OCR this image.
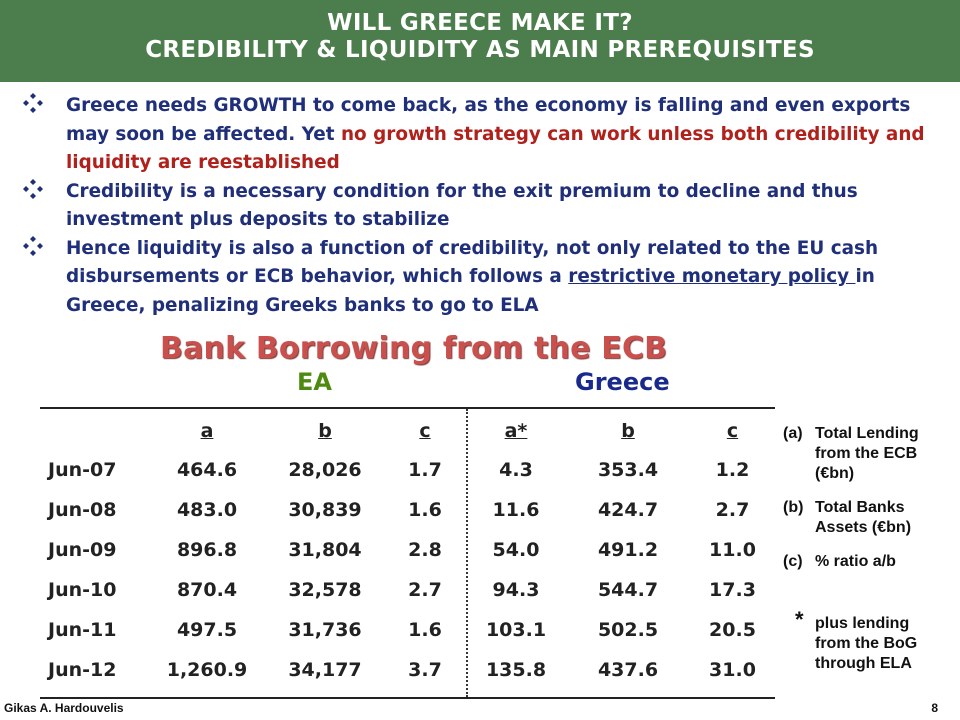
WILL GREECE MAKE IT?
CREDIBILITY & LIQUIDITY AS MAIN PREREQUISITES
Greece needs GROWTH to come back, as the economy is falling and even exports may soon be affected. Yet no growth strategy can work unless both credibility and liquidity are reestablished
Credibility is a necessary condition for the exit premium to decline and thus investment plus deposits to stabilize
Hence liquidity is also a function of credibility, not only related to the EU cash disbursements or ECB behavior, which follows a restrictive monetary policy in Greece, penalizing Greeks banks to go to ELA
Bank Borrowing from the ECB
EA	Greece
	a	b	c	a*	b	c
Jun-07	464.6	28,026	1.7	4.3	353.4	1.2
Jun-08	483.0	30,839	1.6	11.6	424.7	2.7
Jun-09	896.8	31,804	2.8	54.0	491.2	11.0
Jun-10	870.4	32,578	2.7	94.3	544.7	17.3
Jun-11	497.5	31,736	1.6	103.1	502.5	20.5
Jun-12	1,260.9	34,177	3.7	135.8	437.6	31.0
(a) Total Lending from the ECB (€bn)
(b) Total Banks Assets (€bn)
(c) % ratio a/b
* plus lending from the BoG through ELA
Gikas A. Hardouvelis	8
